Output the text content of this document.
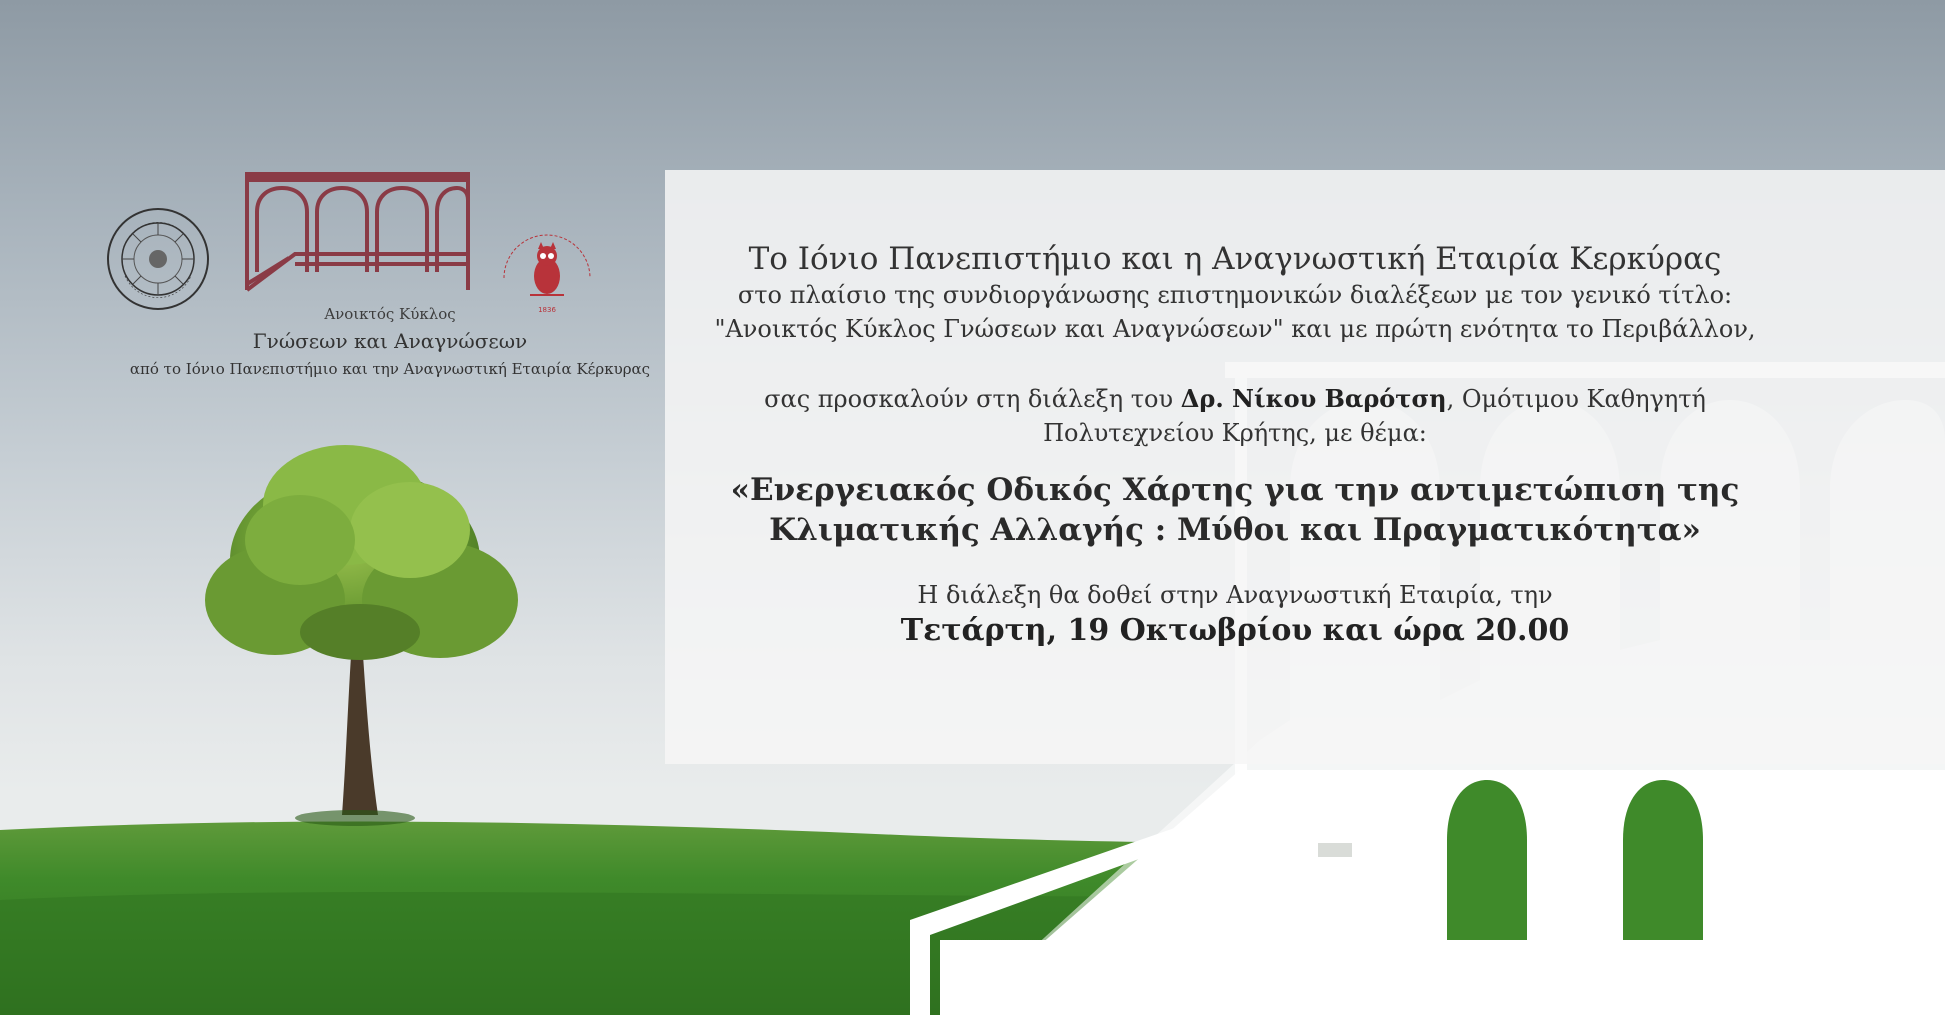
1836
Ανοικτός Κύκλος
Γνώσεων και Αναγνώσεων
από το Ιόνιο Πανεπιστήμιο και την Αναγνωστική Εταιρία Κέρκυρας
Το Ιόνιο Πανεπιστήμιο και η Αναγνωστική Εταιρία Κερκύρας
στο πλαίσιο της συνδιοργάνωσης επιστημονικών διαλέξεων με τον γενικό τίτλο:
"Ανοικτός Κύκλος Γνώσεων και Αναγνώσεων" και με πρώτη ενότητα το Περιβάλλον,
σας προσκαλούν στη διάλεξη του Δρ. Νίκου Βαρότση, Ομότιμου Καθηγητή
Πολυτεχνείου Κρήτης, με θέμα:
«Ενεργειακός Οδικός Χάρτης για την αντιμετώπιση της
Κλιματικής Αλλαγής : Μύθοι και Πραγματικότητα»
Η διάλεξη θα δοθεί στην Αναγνωστική Εταιρία, την
Τετάρτη, 19 Οκτωβρίου και ώρα 20.00
